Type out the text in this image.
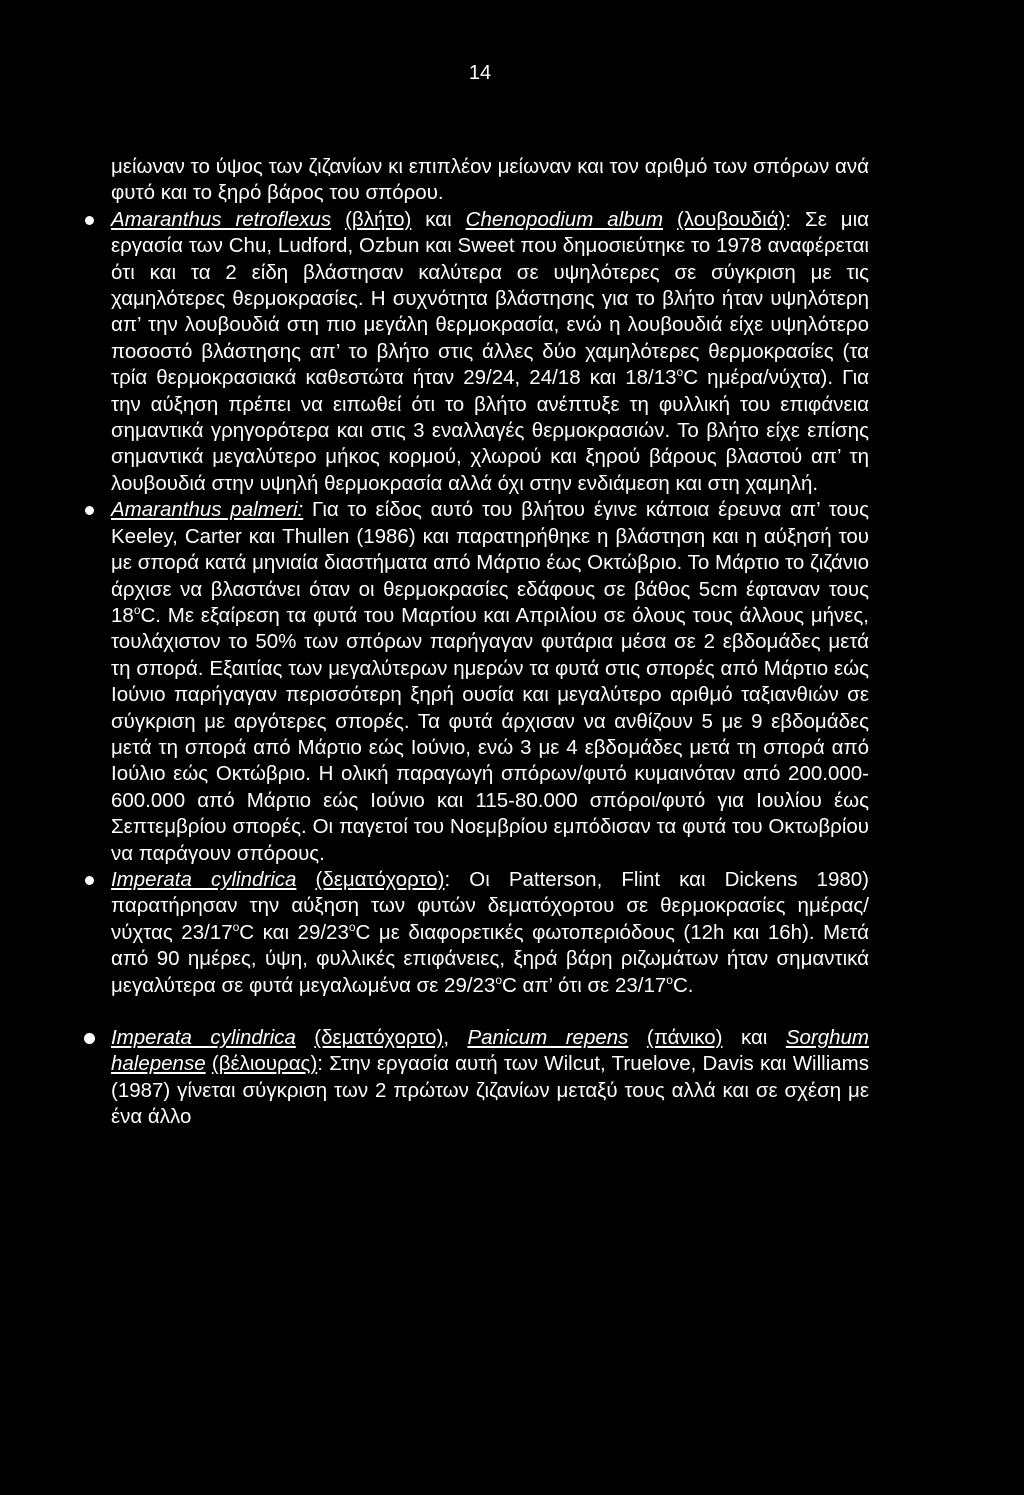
14

μείωναν το ύψος των ζιζανίων κι επιπλέον μείωναν και τον αριθμό των σπόρων ανά φυτό και το ξηρό βάρος του σπόρου.

Amaranthus retroflexus (βλήτο) και Chenopodium album (λουβουδιά): Σε μια εργασία των Chu, Ludford, Ozbun και Sweet που δημοσιεύτηκε το 1978 αναφέρεται ότι και τα 2 είδη βλάστησαν καλύτερα σε υψηλότερες σε σύγκριση με τις χαμηλότερες θερμοκρασίες. Η συχνότητα βλάστησης για το βλήτο ήταν υψηλότερη απ’ την λουβουδιά στη πιο μεγάλη θερμοκρασία, ενώ η λουβουδιά είχε υψηλότερο ποσοστό βλάστησης απ’ το βλήτο στις άλλες δύο χαμηλότερες θερμοκρασίες (τα τρία θερμοκρασιακά καθεστώτα ήταν 29/24, 24/18 και 18/13$^o$C ημέρα/νύχτα). Για την αύξηση πρέπει να ειπωθεί ότι το βλήτο ανέπτυξε τη φυλλική του επιφάνεια σημαντικά γρηγορότερα και στις 3 εναλλαγές θερμοκρασιών. Το βλήτο είχε επίσης σημαντικά μεγαλύτερο μήκος κορμού, χλωρού και ξηρού βάρους βλαστού απ’ τη λουβουδιά στην υψηλή θερμοκρασία αλλά όχι στην ενδιάμεση και στη χαμηλή.

Amaranthus palmeri: Για το είδος αυτό του βλήτου έγινε κάποια έρευνα απ’ τους Keeley, Carter και Thullen (1986) και παρατηρήθηκε η βλάστηση και η αύξησή του με σπορά κατά μηνιαία διαστήματα από Μάρτιο έως Οκτώβριο. Το Μάρτιο το ζιζάνιο άρχισε να βλαστάνει όταν οι θερμοκρασίες εδάφους σε βάθος 5cm έφταναν τους 18$^o$C. Με εξαίρεση τα φυτά του Μαρτίου και Απριλίου σε όλους τους άλλους μήνες, τουλάχιστον το 50% των σπόρων παρήγαγαν φυτάρια μέσα σε 2 εβδομάδες μετά τη σπορά. Εξαιτίας των μεγαλύτερων ημερών τα φυτά στις σπορές από Μάρτιο εώς Ιούνιο παρήγαγαν περισσότερη ξηρή ουσία και μεγαλύτερο αριθμό ταξιανθιών σε σύγκριση με αργότερες σπορές. Τα φυτά άρχισαν να ανθίζουν 5 με 9 εβδομάδες μετά τη σπορά από Μάρτιο εώς Ιούνιο, ενώ 3 με 4 εβδομάδες μετά τη σπορά από Ιούλιο εώς Οκτώβριο. Η ολική παραγωγή σπόρων/φυτό κυμαινόταν από 200.000-600.000 από Μάρτιο εώς Ιούνιο και 115-80.000 σπόροι/φυτό για Ιουλίου έως Σεπτεμβρίου σπορές. Οι παγετοί του Νοεμβρίου εμπόδισαν τα φυτά του Οκτωβρίου να παράγουν σπόρους.

Imperata cylindrica (δεματόχορτο): Οι Patterson, Flint και Dickens 1980) παρατήρησαν την αύξηση των φυτών δεματόχορτου σε θερμοκρασίες ημέρας/νύχτας 23/17$^o$C και 29/23$^o$C με διαφορετικές φωτοπεριόδους (12h και 16h). Μετά από 90 ημέρες, ύψη, φυλλικές επιφάνειες, ξηρά βάρη ριζωμάτων ήταν σημαντικά μεγαλύτερα σε φυτά μεγαλωμένα σε 29/23$^o$C απ’ ότι σε 23/17$^o$C.

Imperata cylindrica (δεματόχορτο), Panicum repens (πάνικο) και Sorghum halepense (βέλιουρας): Στην εργασία αυτή των Wilcut, Truelove, Davis και Williams (1987) γίνεται σύγκριση των 2 πρώτων ζιζανίων μεταξύ τους αλλά και σε σχέση με ένα άλλο
